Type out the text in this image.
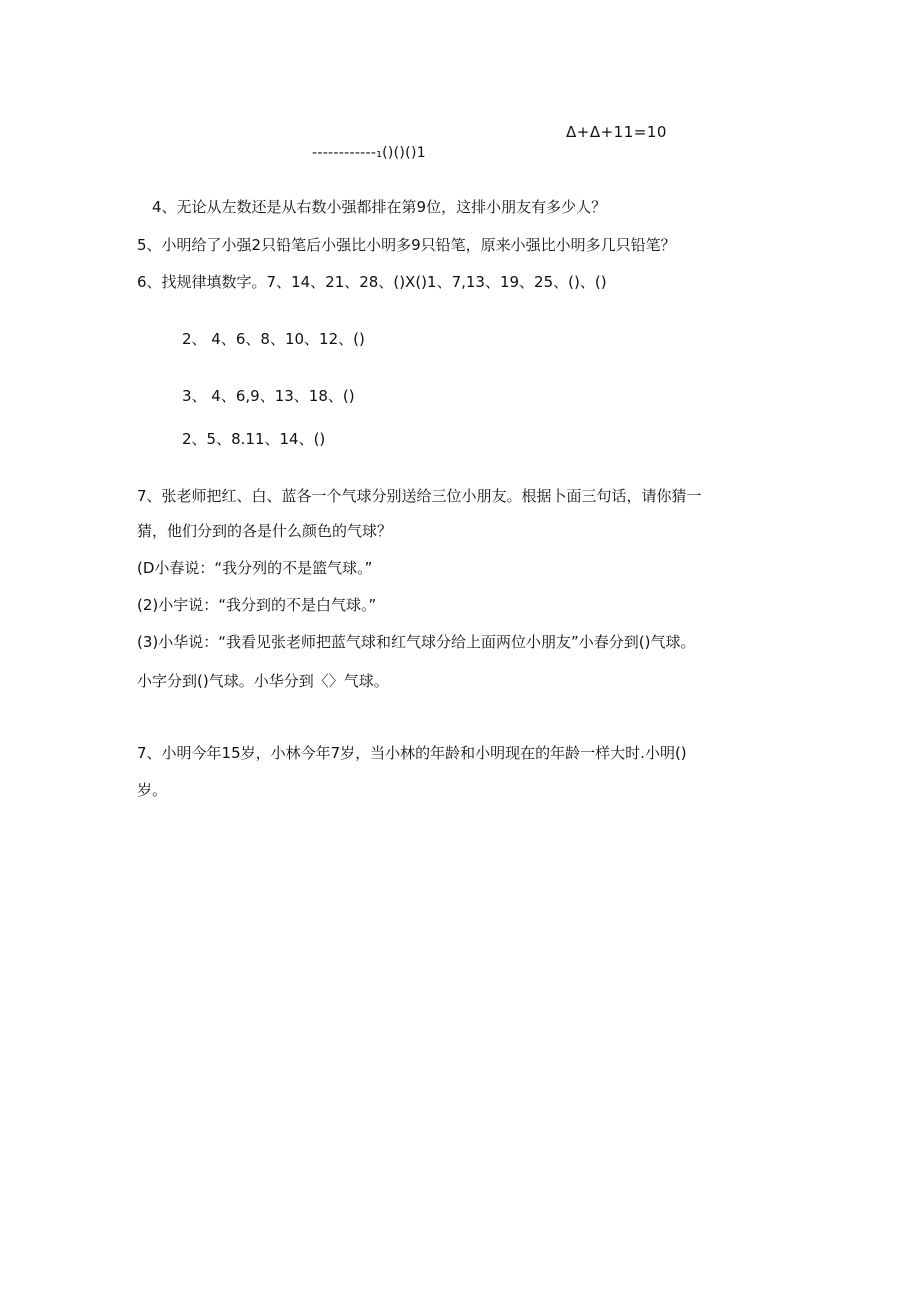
Δ+Δ+11=10
------------₁()()()1
4、无论从左数还是从右数小强都排在第9位，这排小朋友有多少人？
5、小明给了小强2只铅笔后小强比小明多9只铅笔，原来小强比小明多几只铅笔？
6、找规律填数字。7、14、21、28、()X()1、7,13、19、25、()、()
2、 4、6、8、10、12、()
3、 4、6,9、13、18、()
2、5、8.11、14、()
7、张老师把红、白、蓝各一个气球分别送给三位小朋友。根据卜面三句话，请你猜一
猜，他们分到的各是什么颜色的气球？
(D小春说：“我分列的不是篮气球。”
(2)小宇说：“我分到的不是白气球。”
(3)小华说：“我看见张老师把蓝气球和红气球分给上面两位小朋友”小春分到()气球。
小字分到()气球。小华分到〈〉气球。
7、小明今年15岁，小林今年7岁，当小林的年龄和小明现在的年龄一样大时.小明()
岁。
